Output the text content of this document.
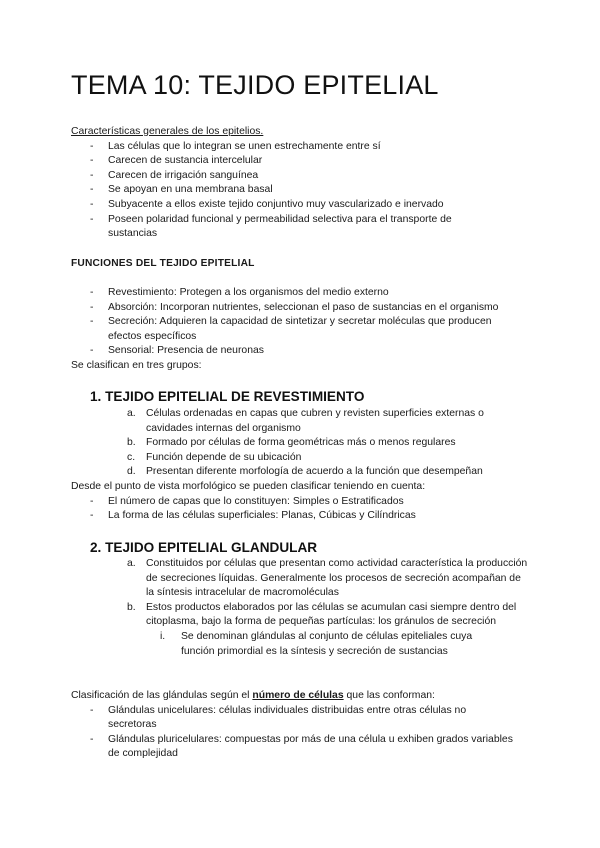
TEMA 10: TEJIDO EPITELIAL
Características generales de los epitelios.
- Las células que lo integran se unen estrechamente entre sí
- Carecen de sustancia intercelular
- Carecen de irrigación sanguínea
- Se apoyan en una membrana basal
- Subyacente a ellos existe tejido conjuntivo muy vascularizado e inervado
- Poseen polaridad funcional y permeabilidad selectiva para el transporte de sustancias
FUNCIONES DEL TEJIDO EPITELIAL
- Revestimiento: Protegen a los organismos del medio externo
- Absorción: Incorporan nutrientes, seleccionan el paso de sustancias en el organismo
- Secreción: Adquieren la capacidad de sintetizar y secretar moléculas que producen efectos específicos
- Sensorial: Presencia de neuronas
Se clasifican en tres grupos:
1. TEJIDO EPITELIAL DE REVESTIMIENTO
a. Células ordenadas en capas que cubren y revisten superficies externas o cavidades internas del organismo
b. Formado por células de forma geométricas más o menos regulares
c. Función depende de su ubicación
d. Presentan diferente morfología de acuerdo a la función que desempeñan
Desde el punto de vista morfológico se pueden clasificar teniendo en cuenta:
- El número de capas que lo constituyen: Simples o Estratificados
- La forma de las células superficiales: Planas, Cúbicas y Cilíndricas
2. TEJIDO EPITELIAL GLANDULAR
a. Constituidos por células que presentan como actividad característica la producción de secreciones líquidas. Generalmente los procesos de secreción acompañan de la síntesis intracelular de macromoléculas
b. Estos productos elaborados por las células se acumulan casi siempre dentro del citoplasma, bajo la forma de pequeñas partículas: los gránulos de secreción
i. Se denominan glándulas al conjunto de células epiteliales cuya función primordial es la síntesis y secreción de sustancias
Clasificación de las glándulas según el número de células que las conforman:
- Glándulas unicelulares: células individuales distribuidas entre otras células no secretoras
- Glándulas pluricelulares: compuestas por más de una célula u exhiben grados variables de complejidad
